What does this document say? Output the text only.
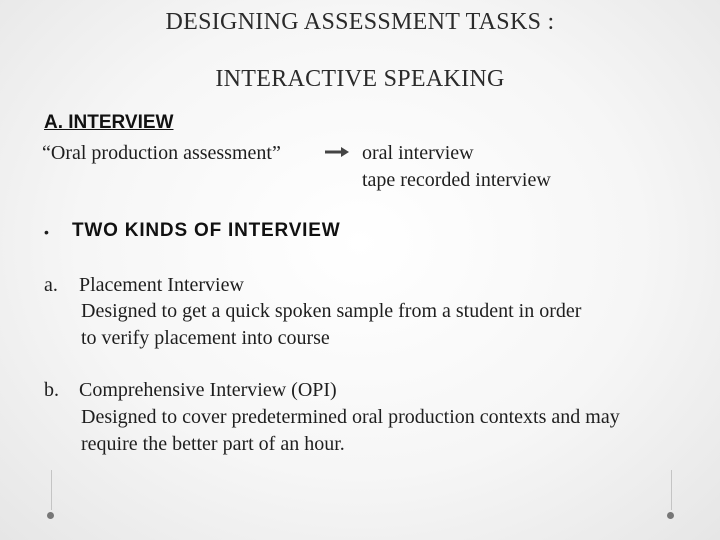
DESIGNING ASSESSMENT TASKS :
INTERACTIVE SPEAKING
A. INTERVIEW
“Oral production assessment”	oral interview
tape recorded interview
• TWO KINDS OF INTERVIEW
a. Placement Interview
Designed to get a quick spoken sample from a student in order
to verify placement into course
b. Comprehensive Interview (OPI)
Designed to cover predetermined oral production contexts and may
require the better part of an hour.
